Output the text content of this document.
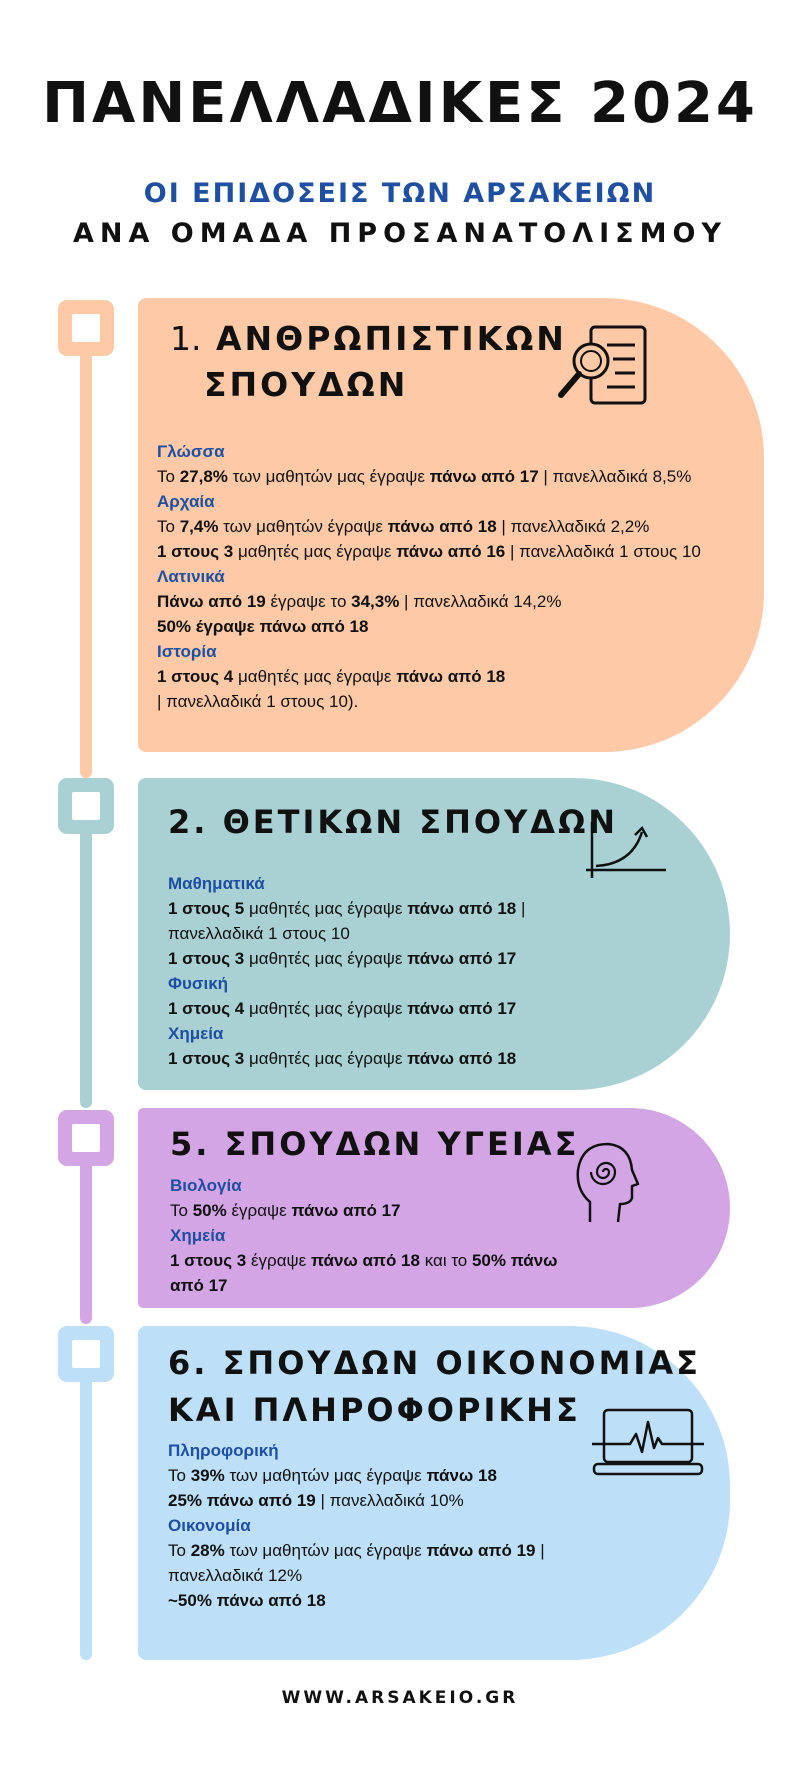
ΠΑΝΕΛΛΑΔΙΚΕΣ 2024
ΟΙ ΕΠΙΔΟΣΕΙΣ ΤΩΝ ΑΡΣΑΚΕΙΩΝ
ΑΝΑ ΟΜΑΔΑ ΠΡΟΣΑΝΑΤΟΛΙΣΜΟΥ
1. ΑΝΘΡΩΠΙΣΤΙΚΩΝ
ΣΠΟΥΔΩΝ

Γλώσσα

Το 27,8% των μαθητών μας έγραψε πάνω από 17 | πανελλαδικά 8,5%

Αρχαία

Το 7,4% των μαθητών έγραψε πάνω από 18 | πανελλαδικά 2,2%

1 στους 3 μαθητές μας έγραψε πάνω από 16 | πανελλαδικά 1 στους 10

Λατινικά

Πάνω από 19 έγραψε το 34,3% | πανελλαδικά 14,2%

50% έγραψε πάνω από 18

Ιστορία

1 στους 4 μαθητές μας έγραψε πάνω από 18

| πανελλαδικά 1 στους 10).

2. ΘΕΤΙΚΩΝ ΣΠΟΥΔΩΝ

Μαθηματικά

1 στους 5 μαθητές μας έγραψε πάνω από 18 | πανελλαδικά 1 στους 10

1 στους 3 μαθητές μας έγραψε πάνω από 17

Φυσική

1 στους 4 μαθητές μας έγραψε πάνω από 17

Χημεία

1 στους 3 μαθητές μας έγραψε πάνω από 18

5. ΣΠΟΥΔΩΝ ΥΓΕΙΑΣ

Βιολογία

Το 50% έγραψε πάνω από 17

Χημεία

1 στους 3 έγραψε πάνω από 18 και το 50% πάνω από 17

6. ΣΠΟΥΔΩΝ ΟΙΚΟΝΟΜΙΑΣ
ΚΑΙ ΠΛΗΡΟΦΟΡΙΚΗΣ

Πληροφορική

Το 39% των μαθητών μας έγραψε πάνω 18

25% πάνω από 19 | πανελλαδικά 10%

Οικονομία

Το 28% των μαθητών μας έγραψε πάνω από 19 | πανελλαδικά 12%

~50% πάνω από 18

WWW.ARSAKEIO.GR
